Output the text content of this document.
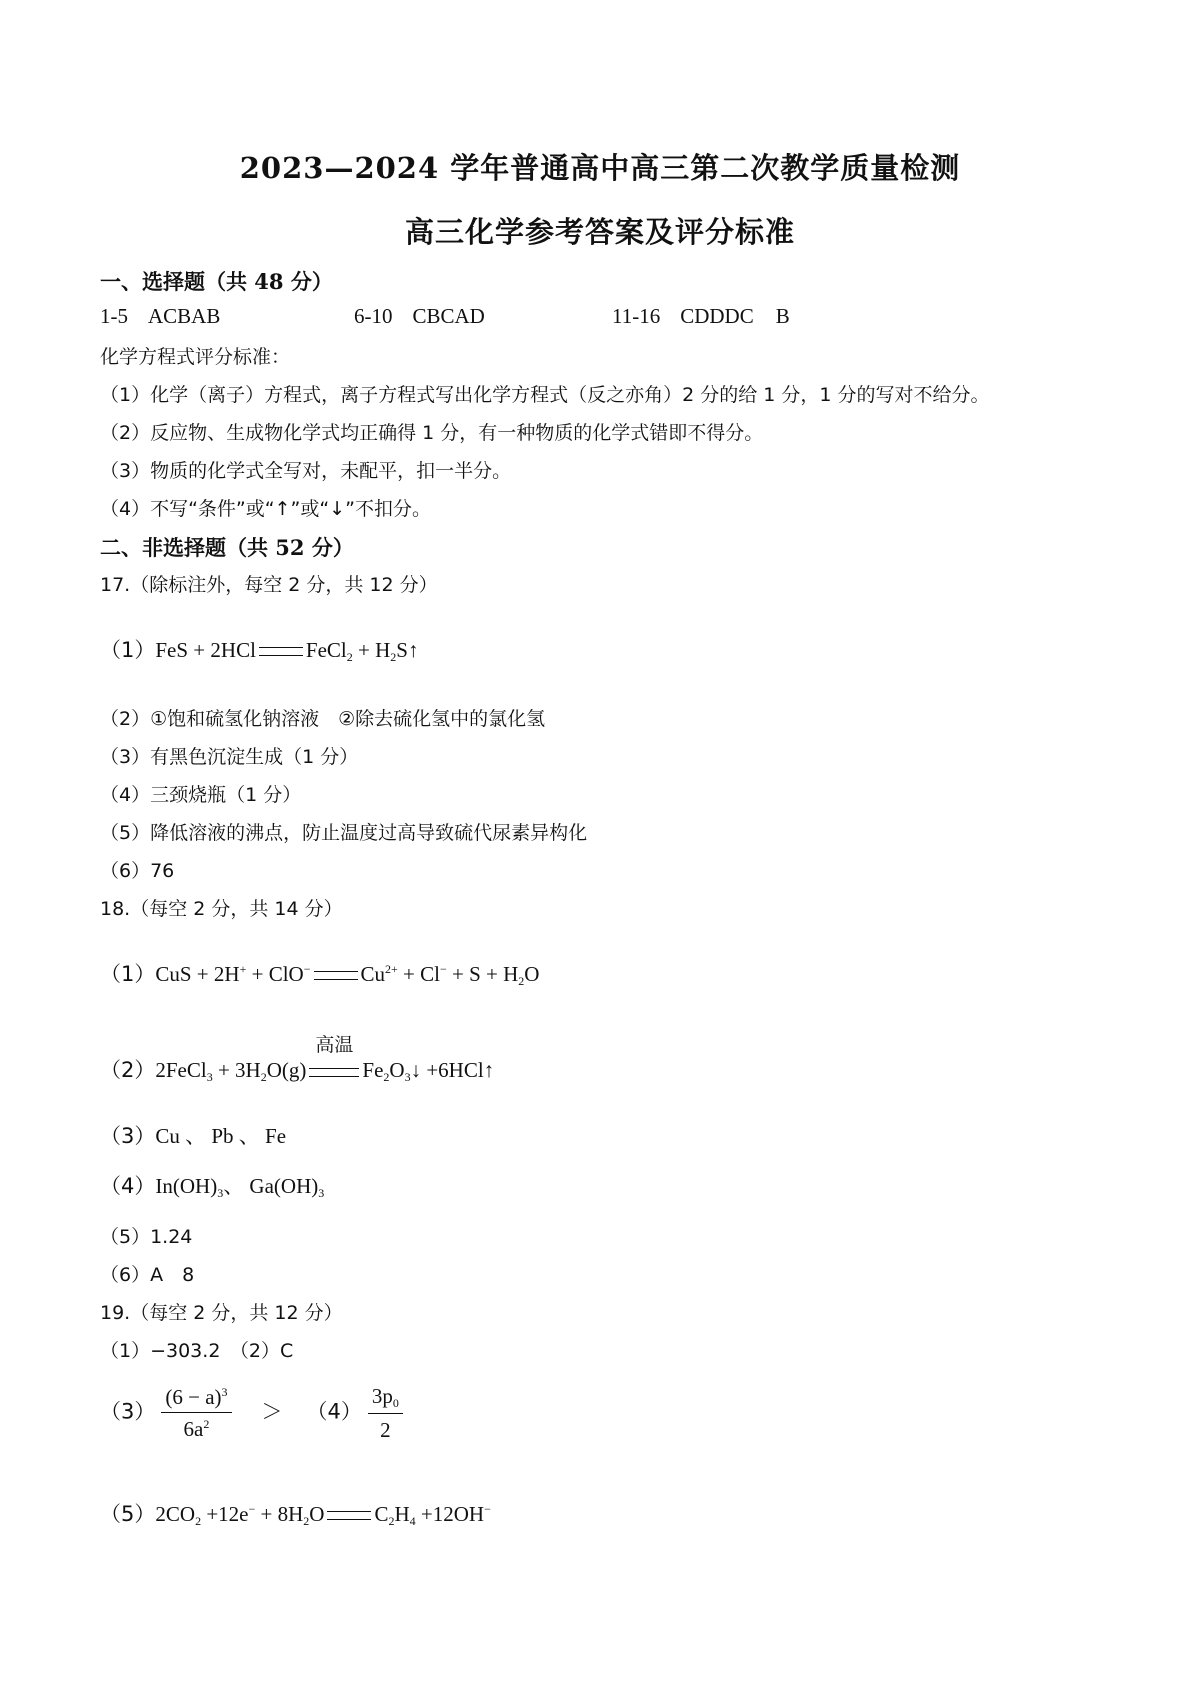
2023—2024 学年普通高中高三第二次教学质量检测
高三化学参考答案及评分标准
一、选择题（共 48 分）
1-5 ACBAB	6-10 CBCAD	11-16 CDDDC B
化学方程式评分标准：
（1）化学（离子）方程式，离子方程式写出化学方程式（反之亦角）2 分的给 1 分，1 分的写对不给分。
（2）反应物、生成物化学式均正确得 1 分，有一种物质的化学式错即不得分。
（3）物质的化学式全写对，未配平，扣一半分。
（4）不写“条件”或“↑”或“↓”不扣分。
二、非选择题（共 52 分）
17.（除标注外，每空 2 分，共 12 分）
（1）FeS + 2HCl FeCl$_2$ + $H_2S↑$
（2）①饱和硫氢化钠溶液　②除去硫化氢中的氯化氢
（3）有黑色沉淀生成（1 分）
（4）三颈烧瓶（1 分）
（5）降低溶液的沸点，防止温度过高导致硫代尿素异构化
（6）76
18.（每空 2 分，共 14 分）
（1）CuS + 2H+ + ClO− $Cu^{2+} + Cl^- + S + H_2O$
（2）2FeCl$_3$ + $3H_2O(g)$
高温
$Fe_2O_3↓$ +6HCl↑
（3）Cu 、 Pb 、 Fe
$(4)In(OH)_3$、 $Ga(OH)_3$
（5）1.24
（6）A　8
19.（每空 2 分，共 12 分）
（1）−303.2　（2）C
$(3) \frac{(6 - a)^3}{6a^2} > (4) \frac{3p_0}{2}$
$(5)2CO_2 +12e^- + 8H_2O$ $C_2H_4 +12OH^-$
